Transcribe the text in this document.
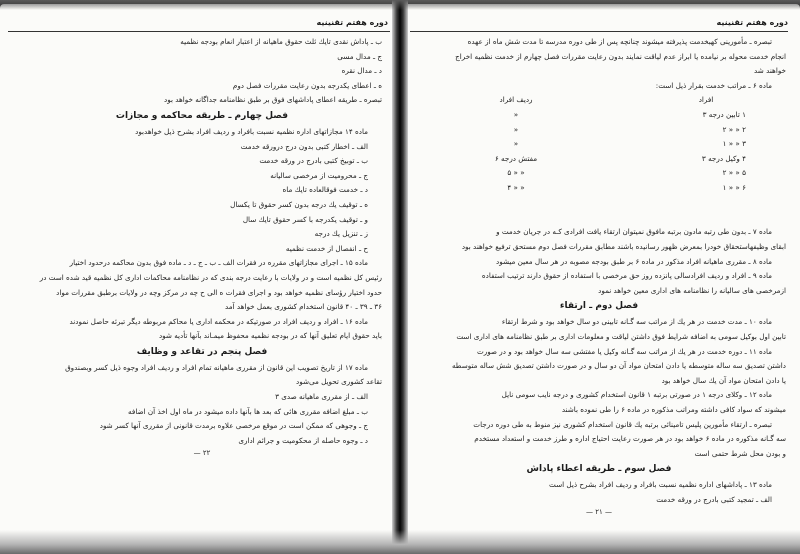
دوره هفتم تقنینیه
ب ـ پاداش نقدی تایك ثلث حقوق ماهیانه از اعتبار انعام بودجه نظمیه
ج ـ مدال مسی
د ـ مدال نقره
ه ـ اعطای یکدرجه بدون رعایت مقررات فصل دوم
تبصره ـ طریقه اعطای پاداشهای فوق بر طبق نظامنامه جداگانه خواهد بود
فصل چهارم ـ طریقه محاکمه و مجازات
ماده ۱۴ مجازاتهای اداره نظمیه نسبت بافراد و ردیف افراد بشرح ذیل خواهدبود
الف ـ اخطار کتبی بدون درج درورقه خدمت
ب ـ توبیخ کتبی بادرج در ورقه خدمت
ج ـ محرومیت از مرخصی سالیانه
د ـ خدمت فوقالعاده تایك ماه
ه ـ توقیف یك درجه بدون کسر حقوق تا یکسال
و ـ توقیف یکدرجه با کسر حقوق تایك سال
ز ـ تنزیل یك درجه
ح ـ انفصال از خدمت نظمیه
ماده ۱۵ ـ اجرای مجازاتهای مقرره در فقرات الف ـ ب ـ ج ـ د ـ ماده فوق بدون محاکمه درحدود اختیار
رئیس کل نظمیه است و در ولایات با رعایت درجه بندی که در نظامنامه محاکمات اداری کل نظمیه قید شده است در
حدود اختیار رؤسای نظمیه خواهد بود و اجرای فقرات ه الی ح چه در مرکز وچه در ولایات برطبق مقررات مواد
۳۶ ـ ۳۹ ـ ۴۰ قانون استخدام کشوری بعمل خواهد آمد
ماده ۱۶ ـ افراد و ردیف افراد در صورتیکه در محکمه اداری یا محاکم مربوطه دیگر تبرئه حاصل نمودند
باید حقوق ایام تعلیق آنها که در بودجه نظمیه محفوظ میمـاند بآنها تأدیه شود
فصل پنجم در تقاعد و وظایف
ماده ۱۷ از تاریخ تصویب این قانون از مقرری ماهیانه تمام افراد و ردیف افراد وجوه ذیل کسر وبصندوق
تقاعد کشوری تحویل می‌شود
الف ـ از مقرری ماهیانه صدی ۳
ب ـ مبلغ اضافه مقرری هائی که بعد ها بآنها داده میشود در ماه اول اخذ آن اضافه
ج ـ وجوهی که ممکن است در موقع مرخصی علاوه برمدت قانونی از مقرری آنها کسر شود
د ـ وجوه حاصله از محکومیت و جرائم اداری
۲۲ —
دوره هفتم تقنینیه
تبصره ـ مأمورینی کهبخدمت پذیرفته میشوند چنانچه پس از طی دوره مدرسه تا مدت شش ماه از عهده
انجام خدمت محوله بر نیامده یا ابراز عدم لیاقت نمایند بدون رعایت مقررات فصل چهارم از خدمت نظمیه اخراج
خواهند شد
ماده ۶ ـ مراتب خدمت بقرار ذیل است:
افراد
۱ تابین درجه ۳
۲ « « ۲
۳ « « ۱
۴ وکیل درجه ۳
۵ « « ۲
۶ « « ۱
ردیف افراد
«
«
«
مفتش درجه ۶
« « ۵
« « ۴
ماده ۷ ـ بدون طی رتبه مادون برتبه مافوق نمیتوان ارتقاء یافت افرادی کـه در جریان خدمت و
ابقای وظیفهاستحقاق خودرا بمعرض ظهور رسانیده باشند مطابق مقررات فصل دوم مستحق ترفیع خواهند بود
ماده ۸ ـ مقرری ماهیانه افراد مذکور در ماده ۶ بر طبق بودجه مصوبه در هر سال معین میشود
ماده ۹ ـ افراد و ردیف افرادسالی پانزده روز حق مرخصی با استفاده از حقوق دارند ترتیب استفاده
ازمرخصی های سالیانه را نظامنامه های اداری معین خواهد نمود
فصل دوم ـ ارتقاء
ماده ۱۰ ـ مدت خدمت در هر یك از مراتب سه گـانه تابینی دو سال خواهد بود و شرط ارتقاء
تابین اول بوکیل سومی به اضافه شرایط فوق داشتن لیاقت و معلومات اداری بر طبق نظامنامه های اداری است
ماده ۱۱ ـ دوره خدمت در هر یك از مراتب سه گـانه وکیل یا مفتشی سه سال خواهد بود و در صورت
داشتن تصدیق سه ساله متوسطه یا دادن امتحان مواد آن دو سال و در صورت داشتن تصدیق شش ساله متوسطه
یا دادن امتحان مواد آن یك سال خواهد بود
ماده ۱۲ ـ وکلای درجه ۱ در صورتی برتبه ۱ قانون استخدام کشوری و درجه نایب سومی نایل
میشوند که سواد کافی داشته ومراتب مذکوره در ماده ۶ را طی نموده باشند
تبصره ـ ارتقاء مأمورین پلیس تامینائی برتبه یك قانون استخدام کشوری نیز منوط به طی دوره درجات
سه گـانه مذکوره در ماده ۶ خواهد بود در هر صورت رعایت احتیاج اداره و طرز خدمت و استعداد مستخدم
و بودن محل شرط حتمی است
فصل سوم ـ طریقه اعطاء پاداش
ماده ۱۳ ـ پاداشهای اداره نظمیه نسبت بافراد و ردیف افراد بشرح ذیل است
الف ـ تمجید کتبی بادرج در ورقه خدمت
— ۲۱ —
